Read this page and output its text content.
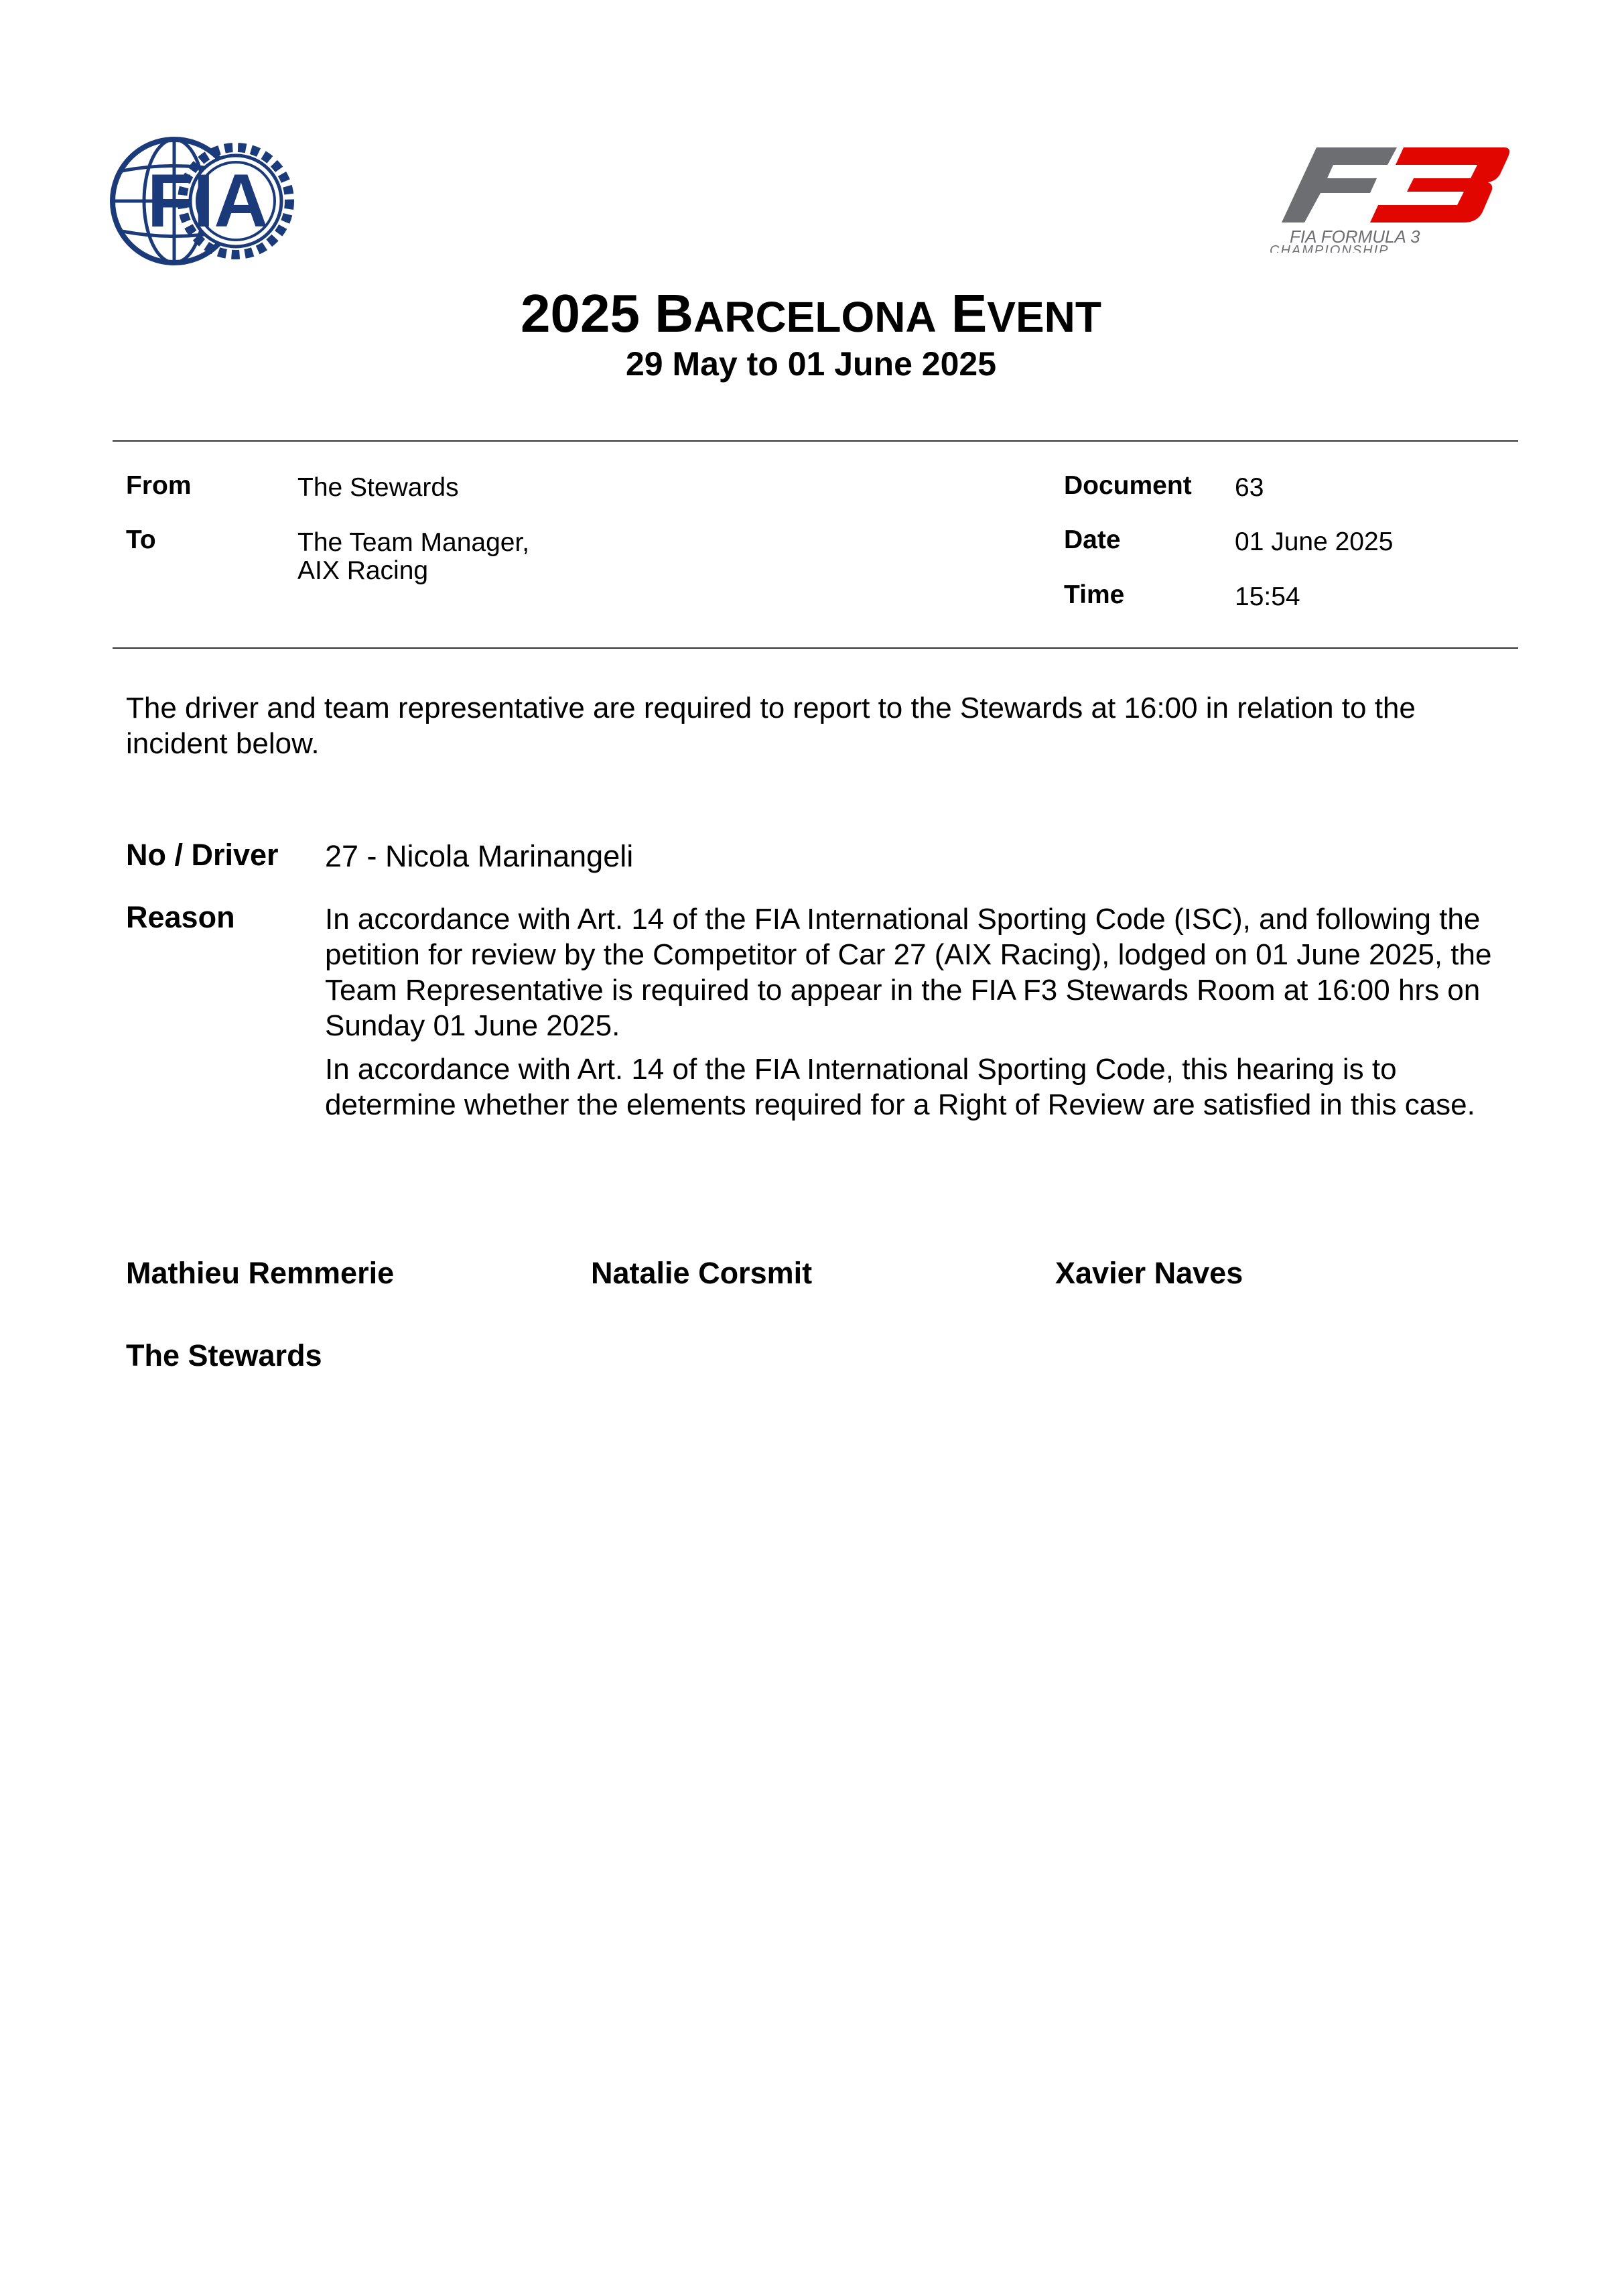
FIA	FIA FORMULA 3
CHAMPIONSHIP
2025 BARCELONA EVENT
29 May to 01 June 2025
From	The Stewards
To	The Team Manager,
AIX Racing
Document 63
Date	01 June 2025
Time	15:54
The driver and team representative are required to report to the Stewards at 16:00 in relation to the incident below.
No / Driver 27 - Nicola Marinangeli
Reason	In accordance with Art. 14 of the FIA International Sporting Code (ISC), and following the petition for review by the Competitor of Car 27 (AIX Racing), lodged on 01 June 2025, the Team Representative is required to appear in the FIA F3 Stewards Room at 16:00 hrs on Sunday 01 June 2025.

In accordance with Art. 14 of the FIA International Sporting Code, this hearing is to determine whether the elements required for a Right of Review are satisfied in this case.

Mathieu Remmerie	Natalie Corsmit	Xavier Naves
The Stewards
